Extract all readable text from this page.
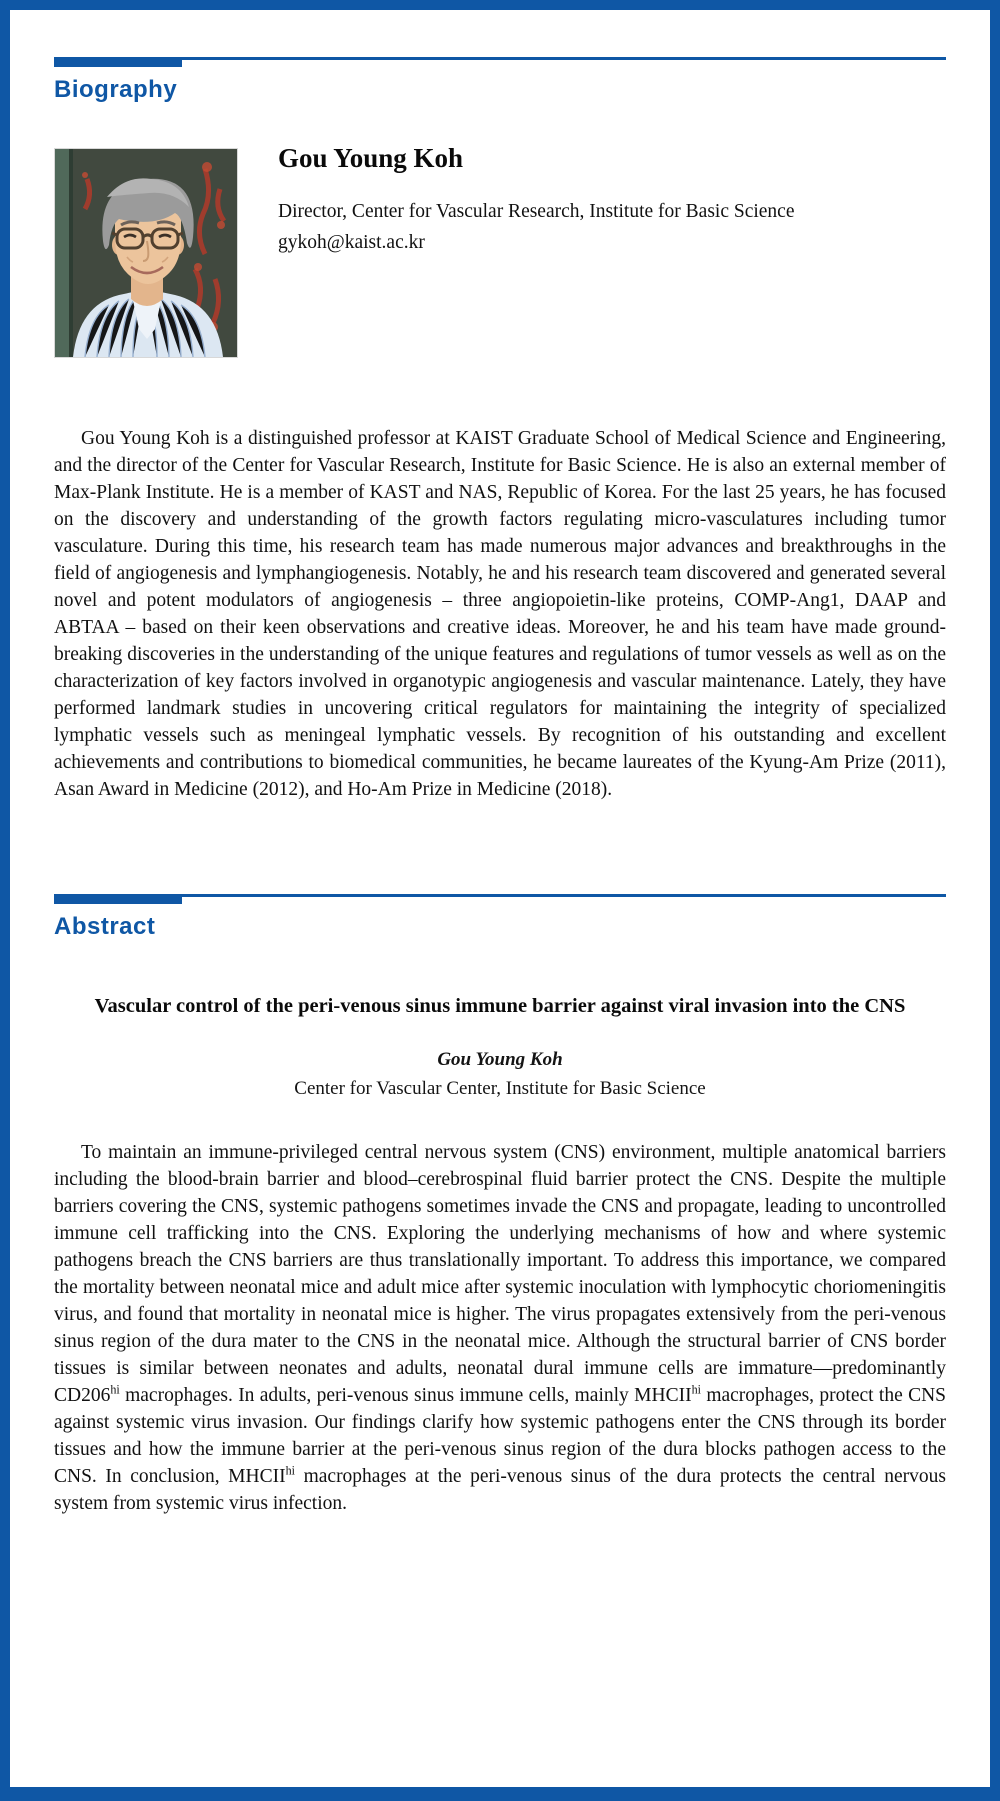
Biography
Gou Young Koh

Director, Center for Vascular Research, Institute for Basic Science
gykoh@kaist.ac.kr

Gou Young Koh is a distinguished professor at KAIST Graduate School of Medical Science and Engineering, and the director of the Center for Vascular Research, Institute for Basic Science. He is also an external member of Max-Plank Institute. He is a member of KAST and NAS, Republic of Korea. For the last 25 years, he has focused on the discovery and understanding of the growth factors regulating micro-vasculatures including tumor vasculature. During this time, his research team has made numerous major advances and breakthroughs in the field of angiogenesis and lymphangiogenesis. Notably, he and his research team discovered and generated several novel and potent modulators of angiogenesis – three angiopoietin-like proteins, COMP-Ang1, DAAP and ABTAA – based on their keen observations and creative ideas. Moreover, he and his team have made ground-breaking discoveries in the understanding of the unique features and regulations of tumor vessels as well as on the characterization of key factors involved in organotypic angiogenesis and vascular maintenance. Lately, they have performed landmark studies in uncovering critical regulators for maintaining the integrity of specialized lymphatic vessels such as meningeal lymphatic vessels. By recognition of his outstanding and excellent achievements and contributions to biomedical communities, he became laureates of the Kyung-Am Prize (2011), Asan Award in Medicine (2012), and Ho-Am Prize in Medicine (2018).

Abstract
Vascular control of the peri-venous sinus immune barrier against viral invasion into the CNS

Gou Young Koh

Center for Vascular Center, Institute for Basic Science

To maintain an immune-privileged central nervous system (CNS) environment, multiple anatomical barriers including the blood-brain barrier and blood–cerebrospinal fluid barrier protect the CNS. Despite the multiple barriers covering the CNS, systemic pathogens sometimes invade the CNS and propagate, leading to uncontrolled immune cell trafficking into the CNS. Exploring the underlying mechanisms of how and where systemic pathogens breach the CNS barriers are thus translationally important. To address this importance, we compared the mortality between neonatal mice and adult mice after systemic inoculation with lymphocytic choriomeningitis virus, and found that mortality in neonatal mice is higher. The virus propagates extensively from the peri-venous sinus region of the dura mater to the CNS in the neonatal mice. Although the structural barrier of CNS border tissues is similar between neonates and adults, neonatal dural immune cells are immature—predominantly $CD206^{hi}$ macrophages. In adults, peri-venous sinus immune cells, mainly $MHCII^{hi}$ macrophages, protect the CNS against systemic virus invasion. Our findings clarify how systemic pathogens enter the CNS through its border tissues and how the immune barrier at the peri-venous sinus region of the dura blocks pathogen access to the CNS. In conclusion, $MHCII^{hi}$ macrophages at the peri-venous sinus of the dura protects the central nervous system from systemic virus infection.
